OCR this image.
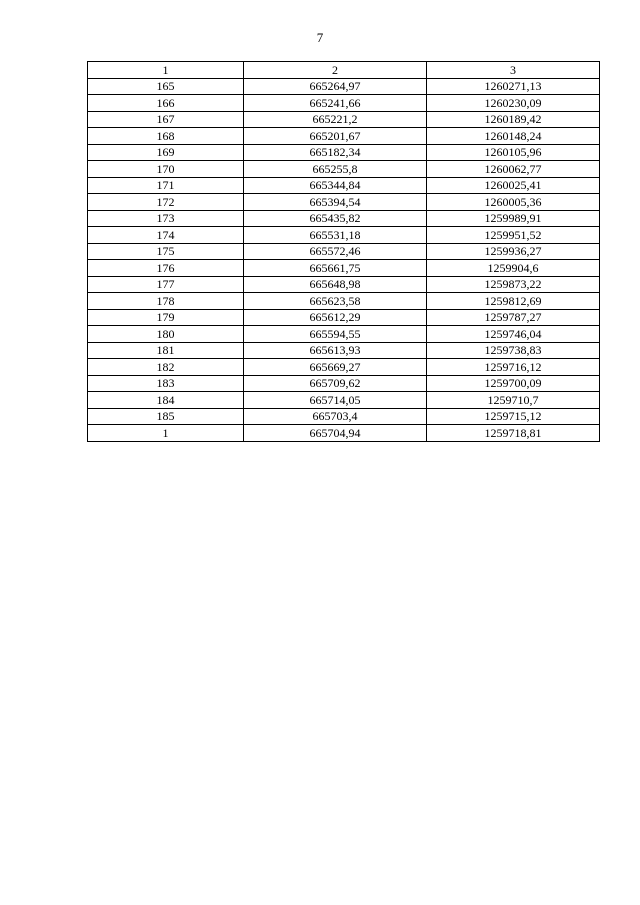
7
1	2	3
165	665264,97	1260271,13
166	665241,66	1260230,09
167	665221,2	1260189,42
168	665201,67	1260148,24
169	665182,34	1260105,96
170	665255,8	1260062,77
171	665344,84	1260025,41
172	665394,54	1260005,36
173	665435,82	1259989,91
174	665531,18	1259951,52
175	665572,46	1259936,27
176	665661,75	1259904,6
177	665648,98	1259873,22
178	665623,58	1259812,69
179	665612,29	1259787,27
180	665594,55	1259746,04
181	665613,93	1259738,83
182	665669,27	1259716,12
183	665709,62	1259700,09
184	665714,05	1259710,7
185	665703,4	1259715,12
1	665704,94	1259718,81
